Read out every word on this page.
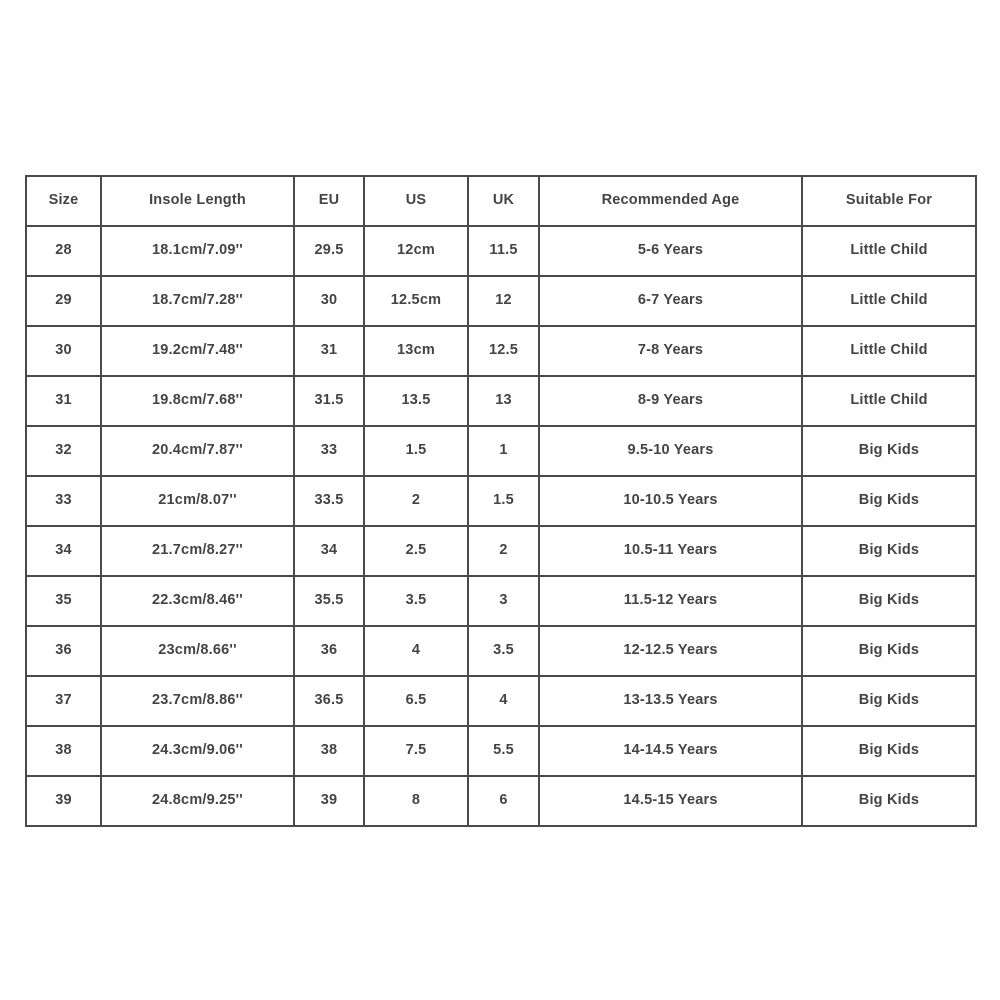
Size	Insole Length	EU	US	UK	Recommended Age	Suitable For
28	18.1cm/7.09''	29.5	12cm	11.5	5-6 Years	Little Child
29	18.7cm/7.28''	30	12.5cm	12	6-7 Years	Little Child
30	19.2cm/7.48''	31	13cm	12.5	7-8 Years	Little Child
31	19.8cm/7.68''	31.5	13.5	13	8-9 Years	Little Child
32	20.4cm/7.87''	33	1.5	1	9.5-10 Years	Big Kids
33	21cm/8.07''	33.5	2	1.5	10-10.5 Years	Big Kids
34	21.7cm/8.27''	34	2.5	2	10.5-11 Years	Big Kids
35	22.3cm/8.46''	35.5	3.5	3	11.5-12 Years	Big Kids
36	23cm/8.66''	36	4	3.5	12-12.5 Years	Big Kids
37	23.7cm/8.86''	36.5	6.5	4	13-13.5 Years	Big Kids
38	24.3cm/9.06''	38	7.5	5.5	14-14.5 Years	Big Kids
39	24.8cm/9.25''	39	8	6	14.5-15 Years	Big Kids
